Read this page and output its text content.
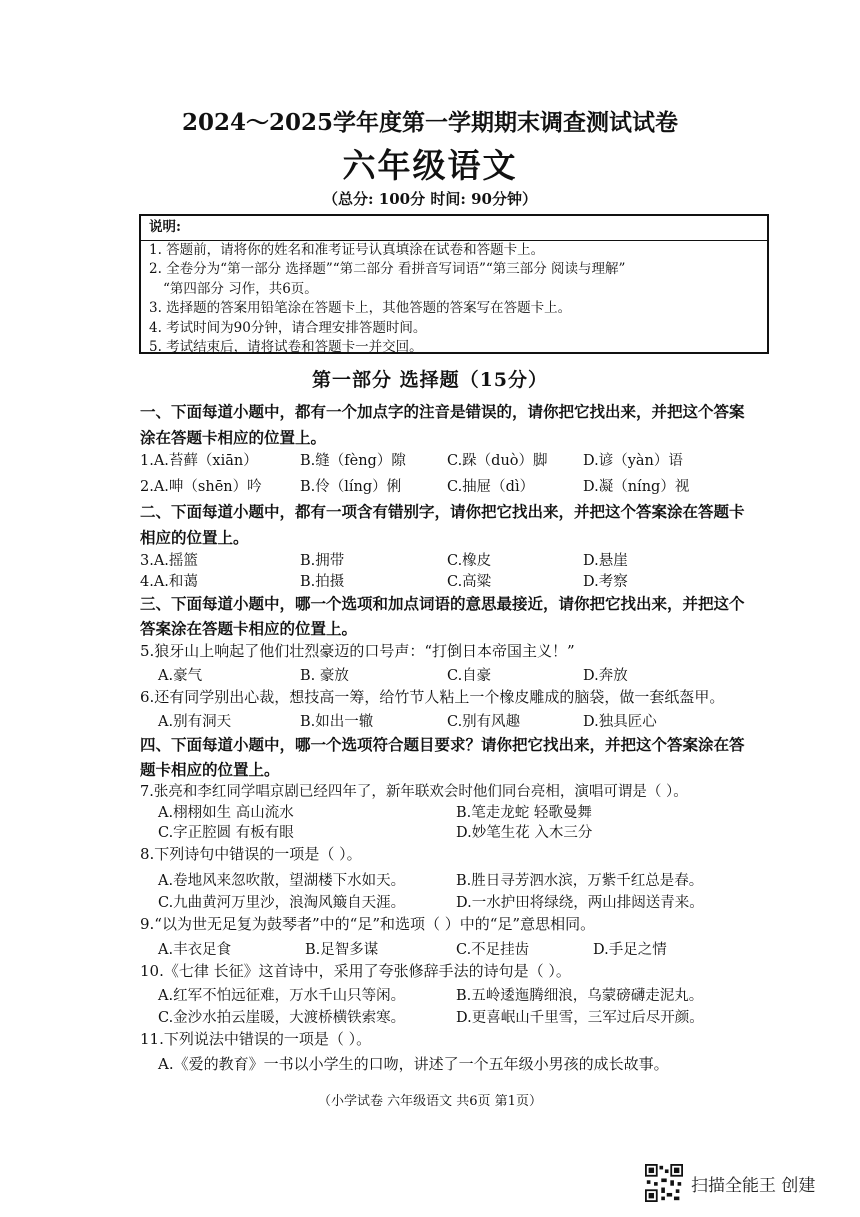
2024～2025学年度第一学期期末调查测试试卷
六年级语文
（总分: 100分 时间: 90分钟）
说明:
1. 答题前，请将你的姓名和准考证号认真填涂在试卷和答题卡上。
2. 全卷分为“第一部分 选择题”“第二部分 看拼音写词语”“第三部分 阅读与理解”
“第四部分 习作，共6页。
3. 选择题的答案用铅笔涂在答题卡上，其他答题的答案写在答题卡上。
4. 考试时间为90分钟，请合理安排答题时间。
5. 考试结束后，请将试卷和答题卡一并交回。
第一部分 选择题（15分）
一、下面每道小题中，都有一个加点字的注音是错误的，请你把它找出来，并把这个答案
涂在答题卡相应的位置上。
1.A.苔藓（xiān）	B.缝（fèng）隙	C.跺（duò）脚 D.谚（yàn）语
2.A.呻（shēn）吟	B.伶（líng）俐	C.抽屉（dì）	D.凝（níng）视
二、下面每道小题中，都有一项含有错别字，请你把它找出来，并把这个答案涂在答题卡
相应的位置上。
3.A.摇篮	B.拥带	C.橡皮	D.悬崖
4.A.和蔼	B.拍摄	C.高粱	D.考察
三、下面每道小题中，哪一个选项和加点词语的意思最接近，请你把它找出来，并把这个
答案涂在答题卡相应的位置上。
5.狼牙山上响起了他们壮烈豪迈的口号声：“打倒日本帝国主义！”
A.豪气	B. 豪放	C.自豪	D.奔放
6.还有同学别出心裁，想技高一筹，给竹节人粘上一个橡皮雕成的脑袋，做一套纸盔甲。
A.别有洞天	B.如出一辙	C.别有风趣	D.独具匠心
四、下面每道小题中，哪一个选项符合题目要求？请你把它找出来，并把这个答案涂在答
题卡相应的位置上。
7.张亮和李红同学唱京剧已经四年了，新年联欢会时他们同台亮相，演唱可谓是（ ）。
A.栩栩如生 高山流水	B.笔走龙蛇 轻歌曼舞
C.字正腔圆 有板有眼	D.妙笔生花 入木三分
8.下列诗句中错误的一项是（ ）。
A.卷地风来忽吹散，望湖楼下水如天。	B.胜日寻芳泗水滨，万紫千红总是春。
C.九曲黄河万里沙，浪淘风簸自天涯。	D.一水护田将绿绕，两山排闼送青来。
9.“以为世无足复为鼓琴者”中的“足”和选项（ ）中的“足”意思相同。
A.丰衣足食	B.足智多谋	C.不足挂齿	D.手足之情
10.《七律 长征》这首诗中，采用了夸张修辞手法的诗句是（ ）。
A.红军不怕远征难，万水千山只等闲。	B.五岭逶迤腾细浪，乌蒙磅礴走泥丸。
C.金沙水拍云崖暖，大渡桥横铁索寒。	D.更喜岷山千里雪，三军过后尽开颜。
11.下列说法中错误的一项是（ ）。
A.《爱的教育》一书以小学生的口吻，讲述了一个五年级小男孩的成长故事。
（小学试卷 六年级语文 共6页 第1页）
扫描全能王 创建
